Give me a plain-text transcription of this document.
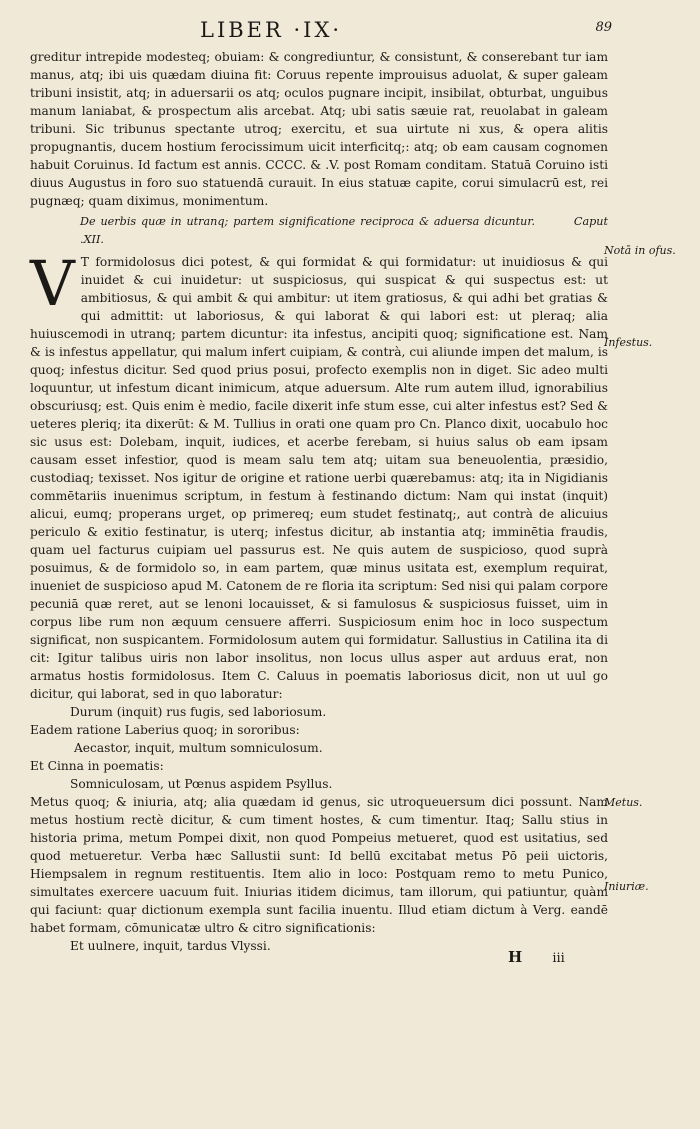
LIBER ·IX·	89

greditur intrepide modesteq; obuiam: & congrediuntur, & consistunt, & conserebant tur iam manus, atq; ibi uis quædam diuina fit: Coruus repente improuisus aduolat, & super galeam tribuni insistit, atq; in aduersarii os atq; oculos pugnare incipit, insibilat, obturbat, unguibus manum laniabat, & prospectum alis arcebat. Atq; ubi satis sæuie rat, reuolabat in galeam tribuni. Sic tribunus spectante utroq; exercitu, et sua uirtute ni xus, & opera alitis propugnantis, ducem hostium ferocissimum uicit interficitq;: atq; ob eam causam cognomen habuit Coruinus. Id factum est annis. CCCC. & .V. post Romam conditam. Statuā Coruino isti diuus Augustus in foro suo statuendā curauit. In eius statuæ capite, corui simulacrū est, rei pugnæq; quam diximus, monimentum.

De uerbis quæ in utranq; partem significatione reciproca & aduersa dicuntur.	Caput .XII.

V T formidolosus dici potest, & qui formidat & qui formidatur: ut inuidiosus & qui inuidet & cui inuidetur: ut suspiciosus, qui suspicat & qui suspectus est: ut ambitiosus, & qui ambit & qui ambitur: ut item gratiosus, & qui adhi bet gratias & qui admittit: ut laboriosus, & qui laborat & qui labori est: ut pleraq; alia huiuscemodi in utranq; partem dicuntur: ita infestus, ancipiti quoq; significatione est. Nam & is infestus appellatur, qui malum infert cuipiam, & contrà, cui aliunde impen det malum, is quoq; infestus dicitur. Sed quod prius posui, profecto exemplis non in diget. Sic adeo multi loquuntur, ut infestum dicant inimicum, atque aduersum. Alte rum autem illud, ignorabilius obscuriusq; est. Quis enim è medio, facile dixerit infe stum esse, cui alter infestus est? Sed & ueteres pleriq; ita dixerūt: & M. Tullius in orati one quam pro Cn. Planco dixit, uocabulo hoc sic usus est: Dolebam, inquit, iudices, et acerbe ferebam, si huius salus ob eam ipsam causam esset infestior, quod is meam salu tem atq; uitam sua beneuolentia, præsidio, custodiaq; texisset. Nos igitur de origine et ratione uerbi quærebamus: atq; ita in Nigidianis commētariis inuenimus scriptum, in festum à festinando dictum: Nam qui instat (inquit) alicui, eumq; properans urget, op primereq; eum studet festinatq;, aut contrà de alicuius periculo & exitio festinatur, is uterq; infestus dicitur, ab instantia atq; imminētia fraudis, quam uel facturus cuipiam uel passurus est. Ne quis autem de suspicioso, quod suprà posuimus, & de formidolo so, in eam partem, quæ minus usitata est, exemplum requirat, inueniet de suspicioso apud M. Catonem de re floria ita scriptum: Sed nisi qui palam corpore pecuniā quæ reret, aut se lenoni locauisset, & si famulosus & suspiciosus fuisset, uim in corpus libe rum non æquum censuere afferri. Suspiciosum enim hoc in loco suspectum significat, non suspicantem. Formidolosum autem qui formidatur. Sallustius in Catilina ita di cit: Igitur talibus uiris non labor insolitus, non locus ullus asper aut arduus erat, non armatus hostis formidolosus. Item C. Caluus in poematis laboriosus dicit, non ut uul go dicitur, qui laborat, sed in quo laboratur:

Durum (inquit) rus fugis, sed laboriosum.

Eadem ratione Laberius quoq; in sororibus:

Aecastor, inquit, multum somniculosum.

Et Cinna in poematis:

Somniculosam, ut Pœnus aspidem Psyllus.

Metus quoq; & iniuria, atq; alia quædam id genus, sic utroqueuersum dici possunt. Nam metus hostium rectè dicitur, & cum timent hostes, & cum timentur. Itaq; Sallu stius in historia prima, metum Pompei dixit, non quod Pompeius metueret, quod est usitatius, sed quod metueretur. Verba hæc Sallustii sunt: Id bellū excitabat metus Pō peii uictoris, Hiempsalem in regnum restituentis. Item alio in loco: Postquam remo to metu Punico, simultates exercere uacuum fuit. Iniurias itidem dicimus, tam illorum, qui patiuntur, quàm qui faciunt: quaṛ dictionum exempla sunt facilia inuentu. Illud etiam dictum à Verg. eandē habet formam, cōmunicatæ ultro & citro significationis:

Et uulnere, inquit, tardus Vlyssi.

Notā in ofus.
Infestus.
Metus.
Iniuriæ.
H iii
